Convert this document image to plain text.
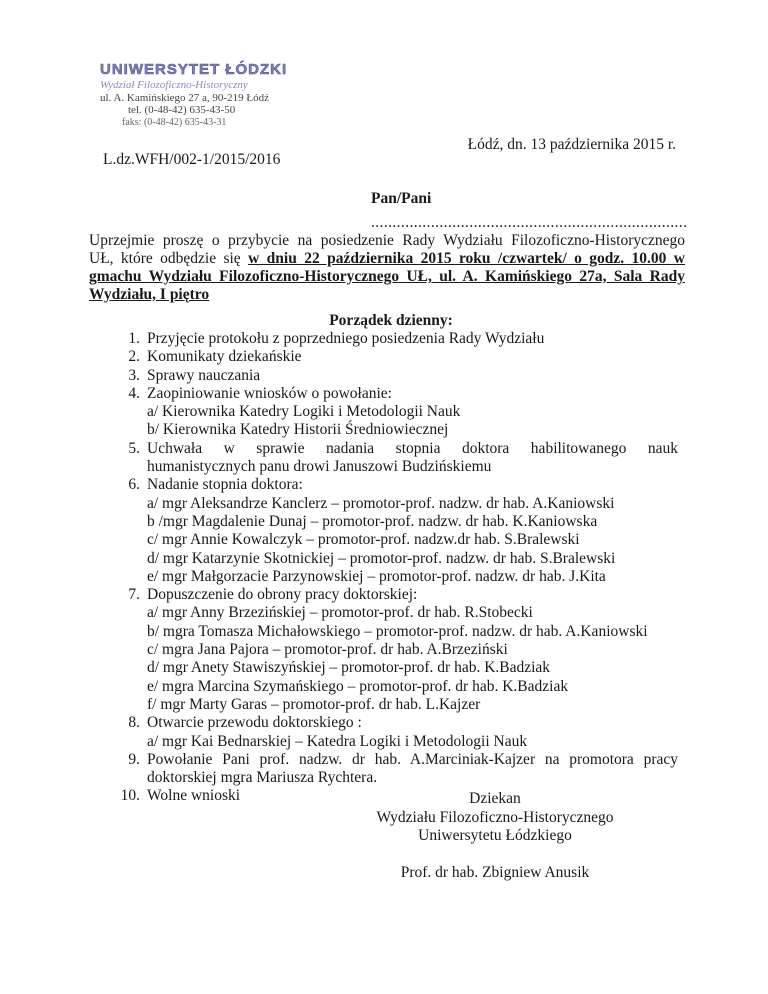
UNIWERSYTET ŁÓDZKI
Wydział Filozoficzno-Historyczny
ul. A. Kamińskiego 27 a, 90-219 Łódź
tel. (0-48-42) 635-43-50
faks: (0-48-42) 635-43-31
Łódź, dn. 13 października 2015 r.
L.dz.WFH/002-1/2015/2016
Pan/Pani
..........................................................................
Uprzejmie proszę o przybycie na posiedzenie Rady Wydziału Filozoficzno-Historycznego
UŁ, które odbędzie się w dniu 22 października 2015 roku /czwartek/ o godz. 10.00 w
gmachu Wydziału Filozoficzno-Historycznego UŁ, ul. A. Kamińskiego 27a, Sala Rady
Wydziału, I piętro
Porządek dzienny:
1. Przyjęcie protokołu z poprzedniego posiedzenia Rady Wydziału
2. Komunikaty dziekańskie
3. Sprawy nauczania
4. Zaopiniowanie wniosków o powołanie:
a/ Kierownika Katedry Logiki i Metodologii Nauk
b/ Kierownika Katedry Historii Średniowiecznej
5. Uchwała w sprawie nadania stopnia doktora habilitowanego nauk
humanistycznych panu drowi Januszowi Budzińskiemu
6. Nadanie stopnia doktora:
a/ mgr Aleksandrze Kanclerz – promotor-prof. nadzw. dr hab. A.Kaniowski
b /mgr Magdalenie Dunaj – promotor-prof. nadzw. dr hab. K.Kaniowska
c/ mgr Annie Kowalczyk – promotor-prof. nadzw.dr hab. S.Bralewski
d/ mgr Katarzynie Skotnickiej – promotor-prof. nadzw. dr hab. S.Bralewski
e/ mgr Małgorzacie Parzynowskiej – promotor-prof. nadzw. dr hab. J.Kita
7. Dopuszczenie do obrony pracy doktorskiej:
a/ mgr Anny Brzezińskiej – promotor-prof. dr hab. R.Stobecki
b/ mgra Tomasza Michałowskiego – promotor-prof. nadzw. dr hab. A.Kaniowski
c/ mgra Jana Pajora – promotor-prof. dr hab. A.Brzeziński
d/ mgr Anety Stawiszyńskiej – promotor-prof. dr hab. K.Badziak
e/ mgra Marcina Szymańskiego – promotor-prof. dr hab. K.Badziak
f/ mgr Marty Garas – promotor-prof. dr hab. L.Kajzer
8. Otwarcie przewodu doktorskiego :
a/ mgr Kai Bednarskiej – Katedra Logiki i Metodologii Nauk
9. Powołanie Pani prof. nadzw. dr hab. A.Marciniak-Kajzer na promotora pracy
doktorskiej mgra Mariusza Rychtera.
10. Wolne wnioski	Dziekan
Wydziału Filozoficzno-Historycznego
Uniwersytetu Łódzkiego
Prof. dr hab. Zbigniew Anusik
